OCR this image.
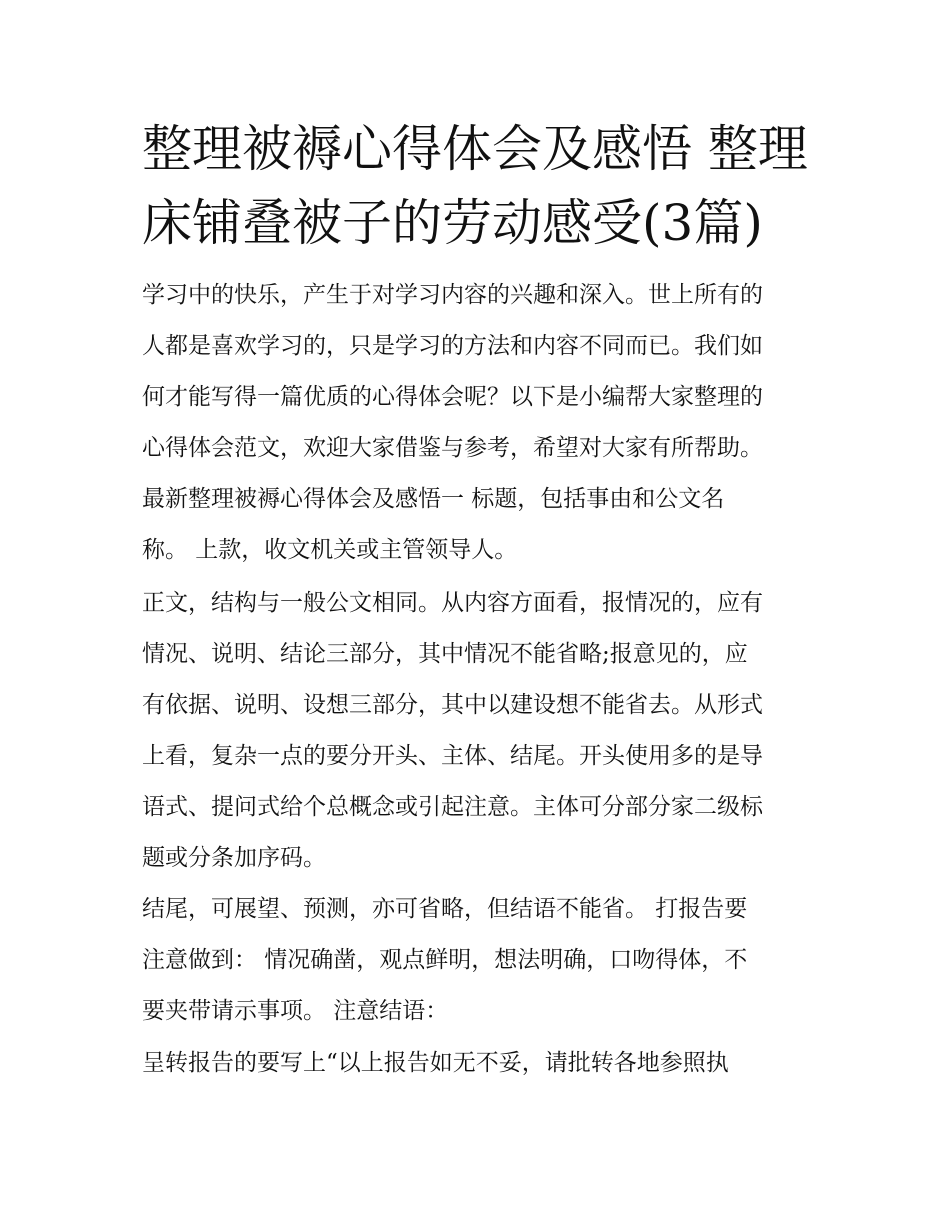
整理被褥心得体会及感悟 整理
床铺叠被子的劳动感受(3篇)
学习中的快乐，产生于对学习内容的兴趣和深入。世上所有的
人都是喜欢学习的，只是学习的方法和内容不同而已。我们如
何才能写得一篇优质的心得体会呢？以下是小编帮大家整理的
心得体会范文，欢迎大家借鉴与参考，希望对大家有所帮助。
最新整理被褥心得体会及感悟一 标题，包括事由和公文名
称。 上款，收文机关或主管领导人。
正文，结构与一般公文相同。从内容方面看，报情况的，应有
情况、说明、结论三部分，其中情况不能省略;报意见的，应
有依据、说明、设想三部分，其中以建设想不能省去。从形式
上看，复杂一点的要分开头、主体、结尾。开头使用多的是导
语式、提问式给个总概念或引起注意。主体可分部分家二级标
题或分条加序码。
结尾，可展望、预测，亦可省略，但结语不能省。 打报告要
注意做到： 情况确凿，观点鲜明，想法明确，口吻得体，不
要夹带请示事项。 注意结语：
呈转报告的要写上“以上报告如无不妥，请批转各地参照执
